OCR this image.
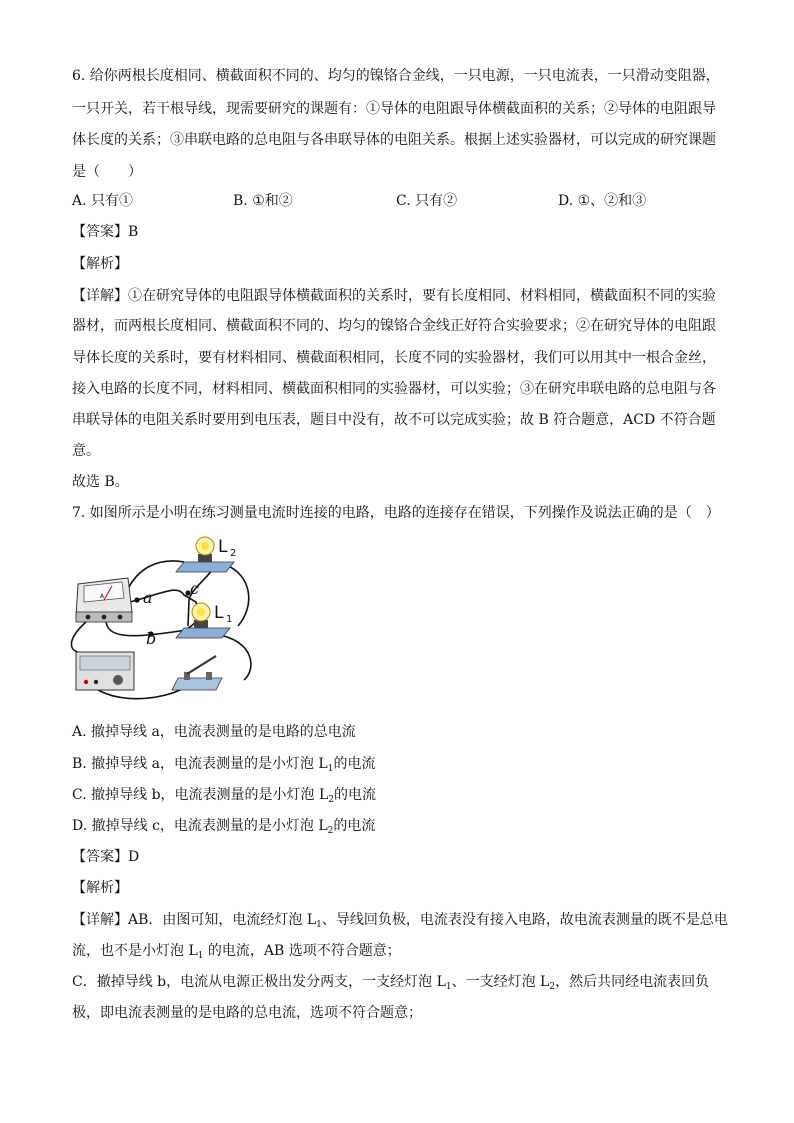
6. 给你两根长度相同、横截面积不同的、均匀的镍铬合金线，一只电源，一只电流表，一只滑动变阻器，
一只开关，若干根导线，现需要研究的课题有：①导体的电阻跟导体横截面积的关系；②导体的电阻跟导
体长度的关系；③串联电路的总电阻与各串联导体的电阻关系。根据上述实验器材，可以完成的研究课题
是（　　）
A. 只有①	B. ①和②	C. 只有②	D. ①、②和③
【答案】B
【解析】
【详解】①在研究导体的电阻跟导体横截面积的关系时，要有长度相同、材料相同，横截面积不同的实验
器材，而两根长度相同、横截面积不同的、均匀的镍铬合金线正好符合实验要求；②在研究导体的电阻跟
导体长度的关系时，要有材料相同、横截面积相同，长度不同的实验器材，我们可以用其中一根合金丝，
接入电路的长度不同，材料相同、横截面积相同的实验器材，可以实验；③在研究串联电路的总电阻与各
串联导体的电阻关系时要用到电压表，题目中没有，故不可以完成实验；故 B 符合题意，ACD 不符合题
意。
故选 B。
7. 如图所示是小明在练习测量电流时连接的电路，电路的连接存在错误，下列操作及说法正确的是（　）
A
L 2
L 1
a
b
c
A. 撤掉导线 a，电流表测量的是电路的总电流
B. 撤掉导线 a，电流表测量的是小灯泡 $L_1$的电流
C. 撤掉导线 b，电流表测量的是小灯泡 $L_2$的电流
D. 撤掉导线 c，电流表测量的是小灯泡 $L_2$的电流
【答案】D
【解析】
【详解】AB．由图可知，电流经灯泡 $L_1$、导线回负极，电流表没有接入电路，故电流表测量的既不是总电
流，也不是小灯泡 $L_1$ 的电流，AB 选项不符合题意；
C．撤掉导线 b，电流从电源正极出发分两支，一支经灯泡 $L_1$、一支经灯泡 $L_2$，然后共同经电流表回负
极，即电流表测量的是电路的总电流，选项不符合题意；
